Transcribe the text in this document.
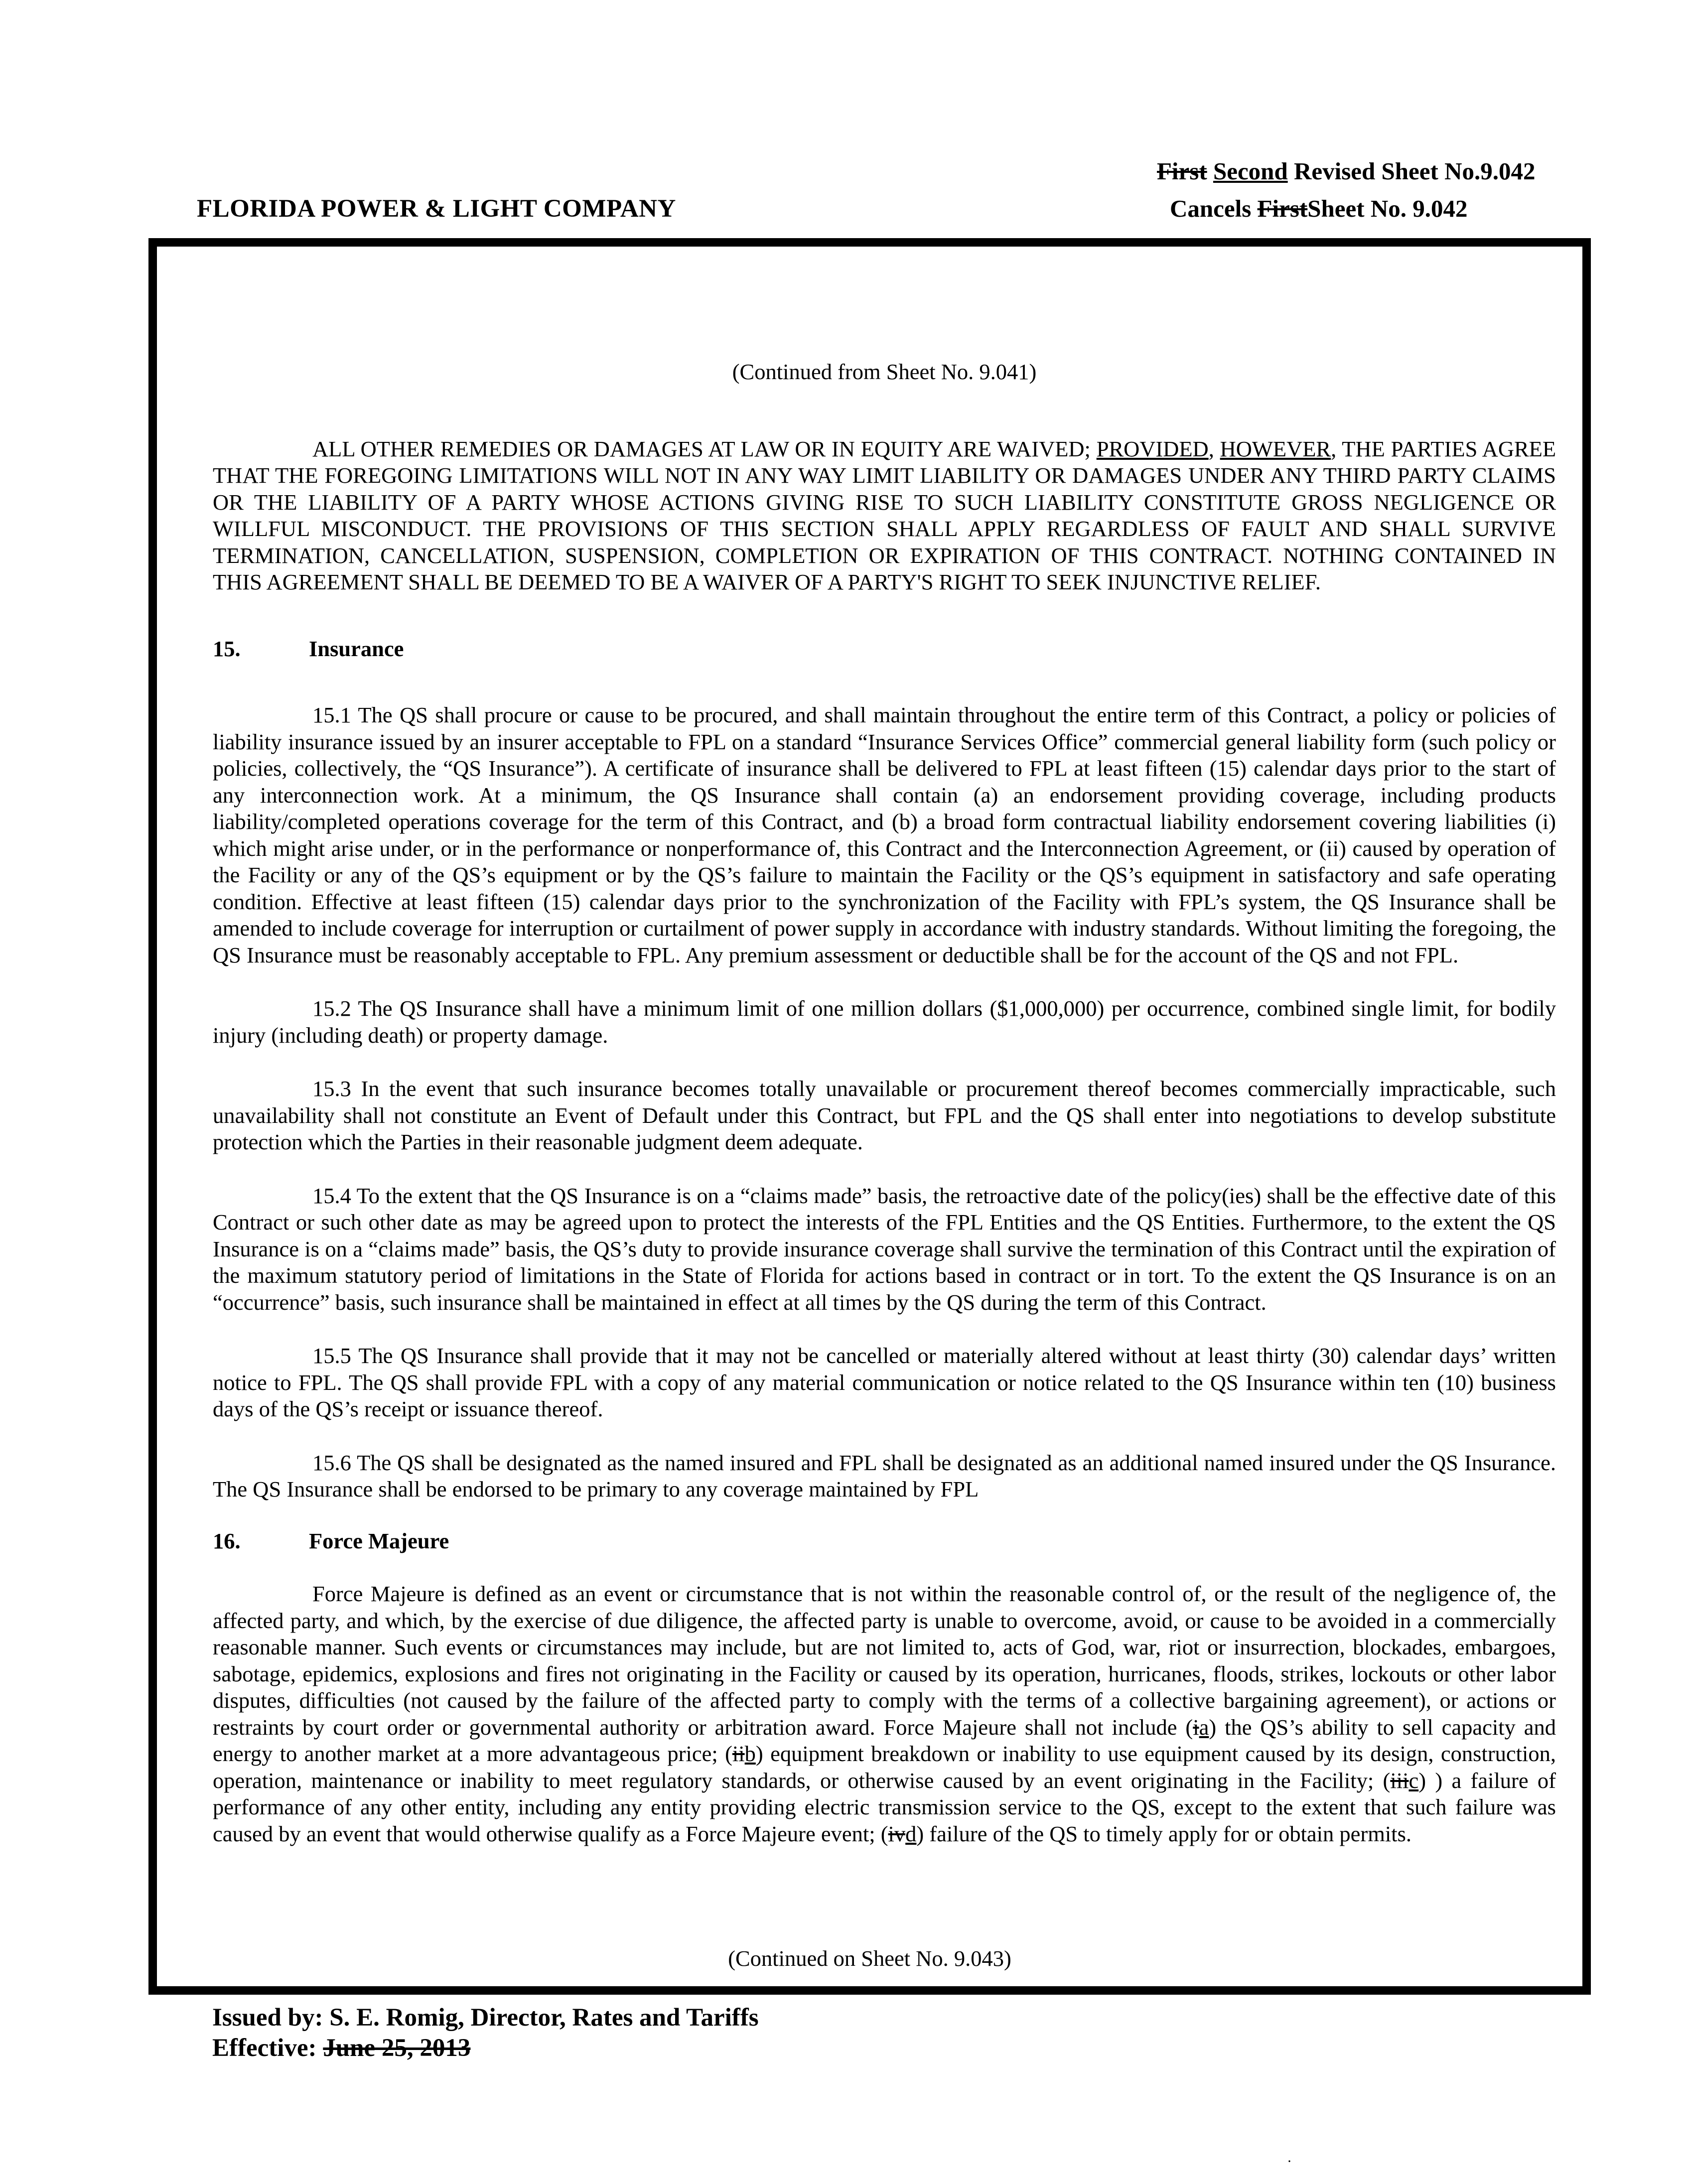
FLORIDA POWER & LIGHT COMPANY
First Second Revised Sheet No.9.042
Cancels FirstSheet No. 9.042

(Continued from Sheet No. 9.041)

ALL OTHER REMEDIES OR DAMAGES AT LAW OR IN EQUITY ARE WAIVED; PROVIDED, HOWEVER, THE PARTIES AGREE THAT THE FOREGOING LIMITATIONS WILL NOT IN ANY WAY LIMIT LIABILITY OR DAMAGES UNDER ANY THIRD PARTY CLAIMS OR THE LIABILITY OF A PARTY WHOSE ACTIONS GIVING RISE TO SUCH LIABILITY CONSTITUTE GROSS NEGLIGENCE OR WILLFUL MISCONDUCT. THE PROVISIONS OF THIS SECTION SHALL APPLY REGARDLESS OF FAULT AND SHALL SURVIVE TERMINATION, CANCELLATION, SUSPENSION, COMPLETION OR EXPIRATION OF THIS CONTRACT. NOTHING CONTAINED IN THIS AGREEMENT SHALL BE DEEMED TO BE A WAIVER OF A PARTY'S RIGHT TO SEEK INJUNCTIVE RELIEF.

15.	Insurance

15.1 The QS shall procure or cause to be procured, and shall maintain throughout the entire term of this Contract, a policy or policies of liability insurance issued by an insurer acceptable to FPL on a standard “Insurance Services Office” commercial general liability form (such policy or policies, collectively, the “QS Insurance”). A certificate of insurance shall be delivered to FPL at least fifteen (15) calendar days prior to the start of any interconnection work. At a minimum, the QS Insurance shall contain (a) an endorsement providing coverage, including products liability/completed operations coverage for the term of this Contract, and (b) a broad form contractual liability endorsement covering liabilities (i) which might arise under, or in the performance or nonperformance of, this Contract and the Interconnection Agreement, or (ii) caused by operation of the Facility or any of the QS’s equipment or by the QS’s failure to maintain the Facility or the QS’s equipment in satisfactory and safe operating condition. Effective at least fifteen (15) calendar days prior to the synchronization of the Facility with FPL’s system, the QS Insurance shall be amended to include coverage for interruption or curtailment of power supply in accordance with industry standards. Without limiting the foregoing, the QS Insurance must be reasonably acceptable to FPL. Any premium assessment or deductible shall be for the account of the QS and not FPL.

15.2 The QS Insurance shall have a minimum limit of one million dollars ($1,000,000) per occurrence, combined single limit, for bodily injury (including death) or property damage.

15.3 In the event that such insurance becomes totally unavailable or procurement thereof becomes commercially impracticable, such unavailability shall not constitute an Event of Default under this Contract, but FPL and the QS shall enter into negotiations to develop substitute protection which the Parties in their reasonable judgment deem adequate.

15.4 To the extent that the QS Insurance is on a “claims made” basis, the retroactive date of the policy(ies) shall be the effective date of this Contract or such other date as may be agreed upon to protect the interests of the FPL Entities and the QS Entities. Furthermore, to the extent the QS Insurance is on a “claims made” basis, the QS’s duty to provide insurance coverage shall survive the termination of this Contract until the expiration of the maximum statutory period of limitations in the State of Florida for actions based in contract or in tort. To the extent the QS Insurance is on an “occurrence” basis, such insurance shall be maintained in effect at all times by the QS during the term of this Contract.

15.5 The QS Insurance shall provide that it may not be cancelled or materially altered without at least thirty (30) calendar days’ written notice to FPL. The QS shall provide FPL with a copy of any material communication or notice related to the QS Insurance within ten (10) business days of the QS’s receipt or issuance thereof.

15.6 The QS shall be designated as the named insured and FPL shall be designated as an additional named insured under the QS Insurance. The QS Insurance shall be endorsed to be primary to any coverage maintained by FPL

16.	Force Majeure

Force Majeure is defined as an event or circumstance that is not within the reasonable control of, or the result of the negligence of, the affected party, and which, by the exercise of due diligence, the affected party is unable to overcome, avoid, or cause to be avoided in a commercially reasonable manner. Such events or circumstances may include, but are not limited to, acts of God, war, riot or insurrection, blockades, embargoes, sabotage, epidemics, explosions and fires not originating in the Facility or caused by its operation, hurricanes, floods, strikes, lockouts or other labor disputes, difficulties (not caused by the failure of the affected party to comply with the terms of a collective bargaining agreement), or actions or restraints by court order or governmental authority or arbitration award. Force Majeure shall not include (ia) the QS’s ability to sell capacity and energy to another market at a more advantageous price; (iib) equipment breakdown or inability to use equipment caused by its design, construction, operation, maintenance or inability to meet regulatory standards, or otherwise caused by an event originating in the Facility; (iiic) ) a failure of performance of any other entity, including any entity providing electric transmission service to the QS, except to the extent that such failure was caused by an event that would otherwise qualify as a Force Majeure event; (ivd) failure of the QS to timely apply for or obtain permits.

(Continued on Sheet No. 9.043)
Issued by: S. E. Romig, Director, Rates and Tariffs
Effective: June 25, 2013
·
